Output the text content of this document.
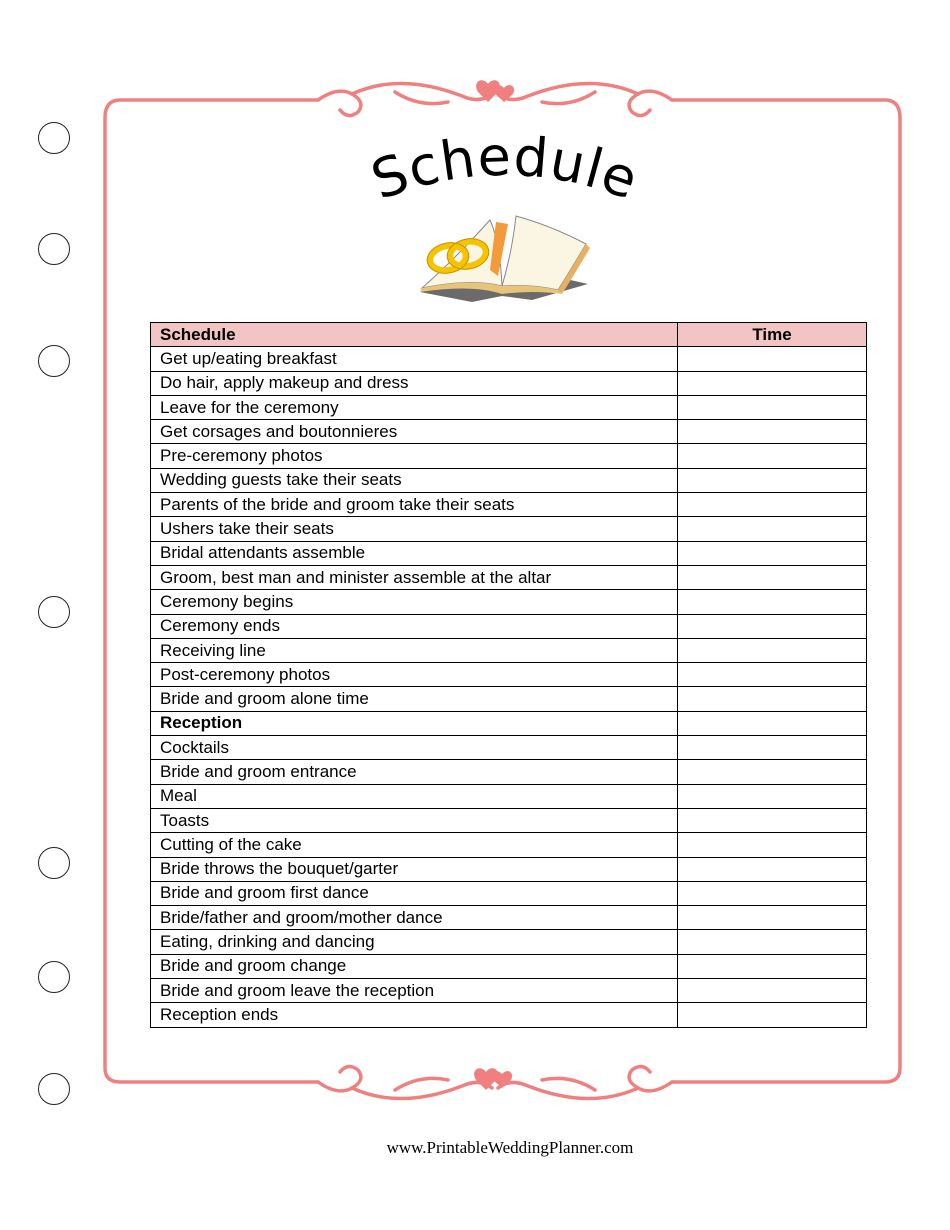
Schedule
Schedule	Time
Get up/eating breakfast	
Do hair, apply makeup and dress	
Leave for the ceremony	
Get corsages and boutonnieres	
Pre-ceremony photos	
Wedding guests take their seats	
Parents of the bride and groom take their seats	
Ushers take their seats	
Bridal attendants assemble	
Groom, best man and minister assemble at the altar	
Ceremony begins	
Ceremony ends	
Receiving line	
Post-ceremony photos	
Bride and groom alone time	
Reception	
Cocktails	
Bride and groom entrance	
Meal	
Toasts	
Cutting of the cake	
Bride throws the bouquet/garter	
Bride and groom first dance	
Bride/father and groom/mother dance	
Eating, drinking and dancing	
Bride and groom change	
Bride and groom leave the reception	
Reception ends	
www.PrintableWeddingPlanner.com
